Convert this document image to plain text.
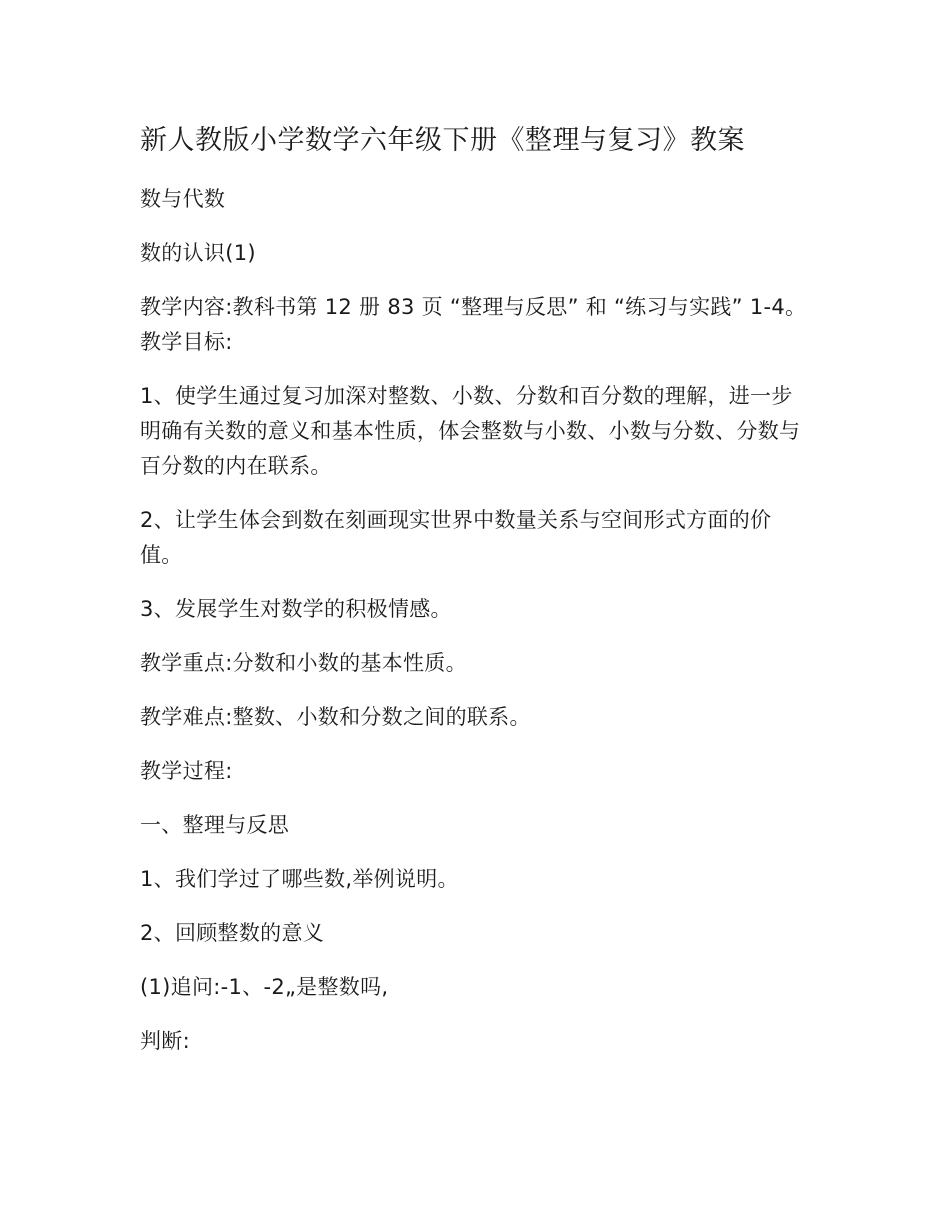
新人教版小学数学六年级下册《整理与复习》教案

数与代数

数的认识(1)

教学内容:教科书第 12 册 83 页 “整理与反思” 和 “练习与实践” 1-4。 教学目标:

1、使学生通过复习加深对整数、小数、分数和百分数的理解，进一步明确有关数的意义和基本性质，体会整数与小数、小数与分数、分数与百分数的内在联系。

2、让学生体会到数在刻画现实世界中数量关系与空间形式方面的价值。

3、发展学生对数学的积极情感。

教学重点:分数和小数的基本性质。

教学难点:整数、小数和分数之间的联系。

教学过程:

一、整理与反思

1、我们学过了哪些数,举例说明。

2、回顾整数的意义

(1)追问:-1、-2„是整数吗,

判断:
